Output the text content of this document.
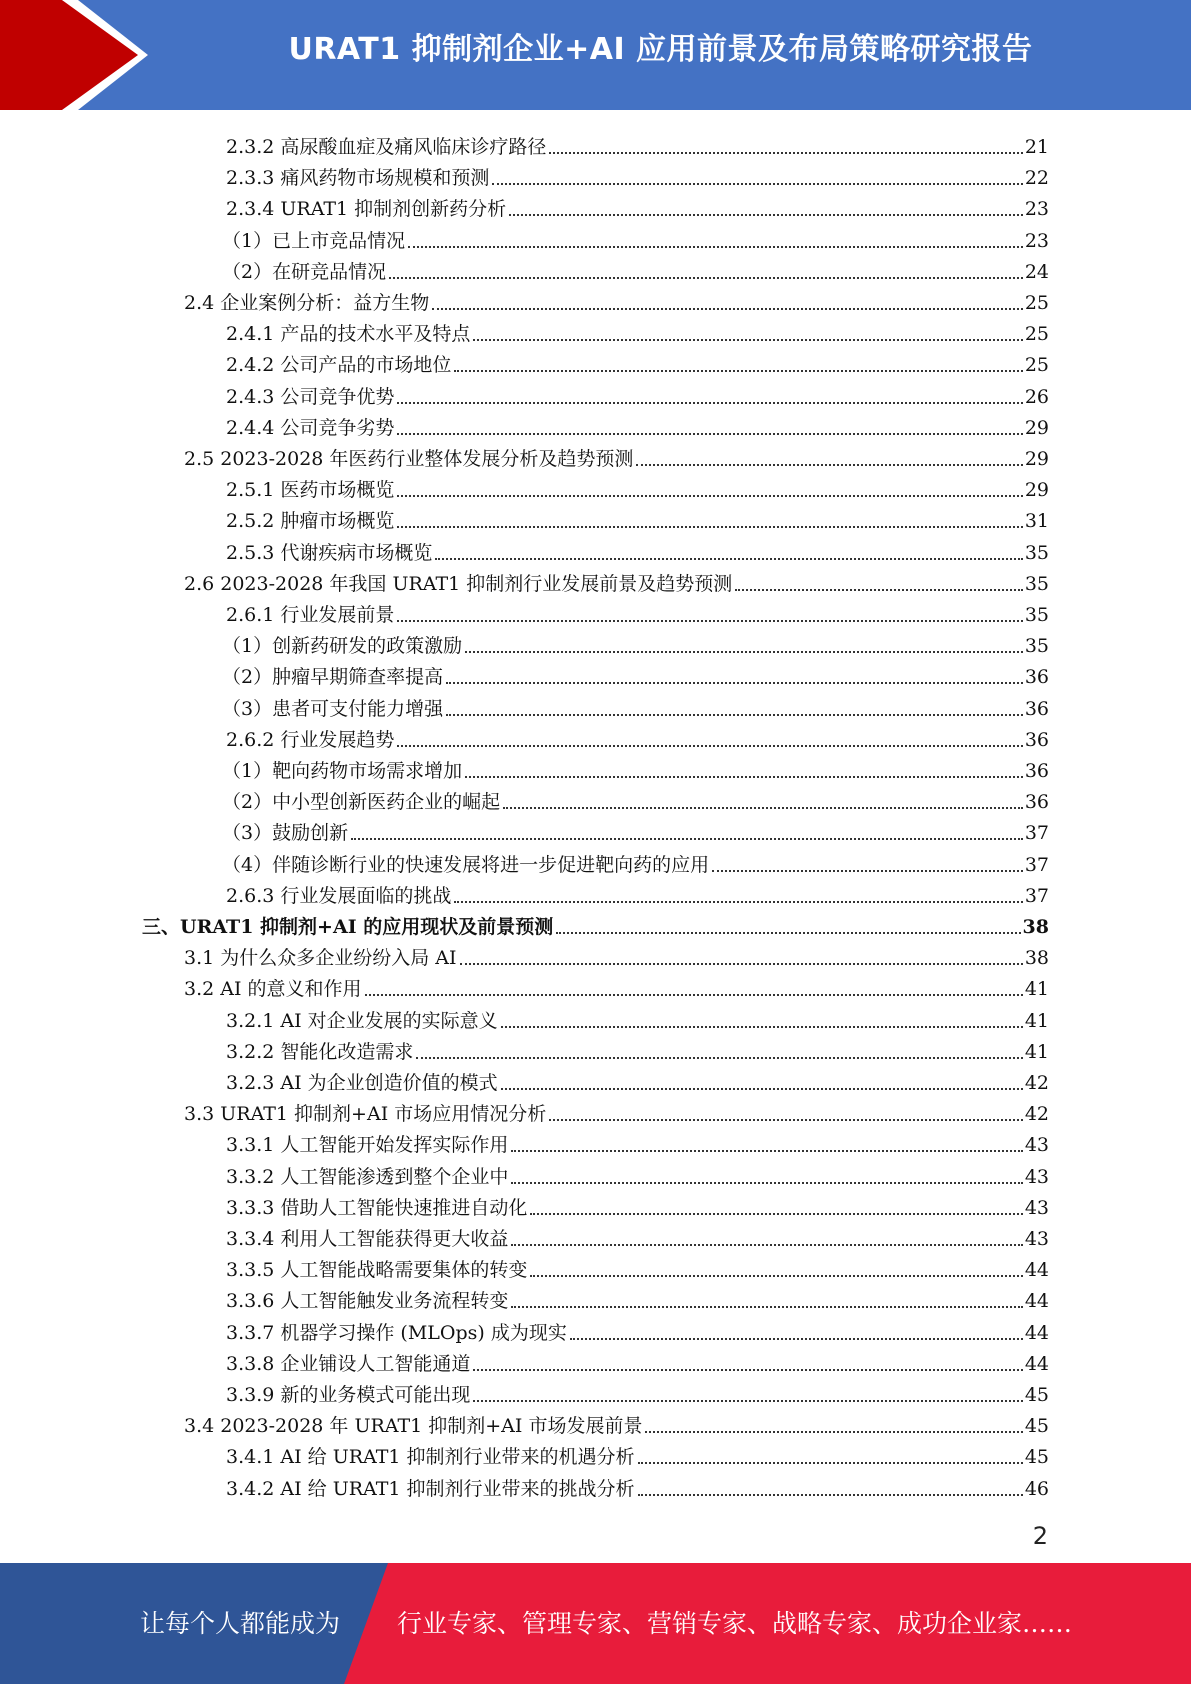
URAT1 抑制剂企业+AI 应用前景及布局策略研究报告
2.3.2 高尿酸血症及痛风临床诊疗路径	21
2.3.3 痛风药物市场规模和预测	22
2.3.4 URAT1 抑制剂创新药分析	23
（1）已上市竞品情况	23
（2）在研竞品情况	24
2.4 企业案例分析：益方生物	25
2.4.1 产品的技术水平及特点	25
2.4.2 公司产品的市场地位	25
2.4.3 公司竞争优势	26
2.4.4 公司竞争劣势	29
2.5 2023-2028 年医药行业整体发展分析及趋势预测	29
2.5.1 医药市场概览	29
2.5.2 肿瘤市场概览	31
2.5.3 代谢疾病市场概览	35
2.6 2023-2028 年我国 URAT1 抑制剂行业发展前景及趋势预测	35
2.6.1 行业发展前景	35
（1）创新药研发的政策激励	35
（2）肿瘤早期筛查率提高	36
（3）患者可支付能力增强	36
2.6.2 行业发展趋势	36
（1）靶向药物市场需求增加	36
（2）中小型创新医药企业的崛起	36
（3）鼓励创新	37
（4）伴随诊断行业的快速发展将进一步促进靶向药的应用	37
2.6.3 行业发展面临的挑战	37
三、URAT1 抑制剂+AI 的应用现状及前景预测	38
3.1 为什么众多企业纷纷入局 AI	38
3.2 AI 的意义和作用	41
3.2.1 AI 对企业发展的实际意义	41
3.2.2 智能化改造需求	41
3.2.3 AI 为企业创造价值的模式	42
3.3 URAT1 抑制剂+AI 市场应用情况分析	42
3.3.1 人工智能开始发挥实际作用	43
3.3.2 人工智能渗透到整个企业中	43
3.3.3 借助人工智能快速推进自动化	43
3.3.4 利用人工智能获得更大收益	43
3.3.5 人工智能战略需要集体的转变	44
3.3.6 人工智能触发业务流程转变	44
3.3.7 机器学习操作 (MLOps) 成为现实	44
3.3.8 企业铺设人工智能通道	44
3.3.9 新的业务模式可能出现	45
3.4 2023-2028 年 URAT1 抑制剂+AI 市场发展前景	45
3.4.1 AI 给 URAT1 抑制剂行业带来的机遇分析	45
3.4.2 AI 给 URAT1 抑制剂行业带来的挑战分析	46
2
让每个人都能成为 行业专家、管理专家、营销专家、战略专家、成功企业家……
